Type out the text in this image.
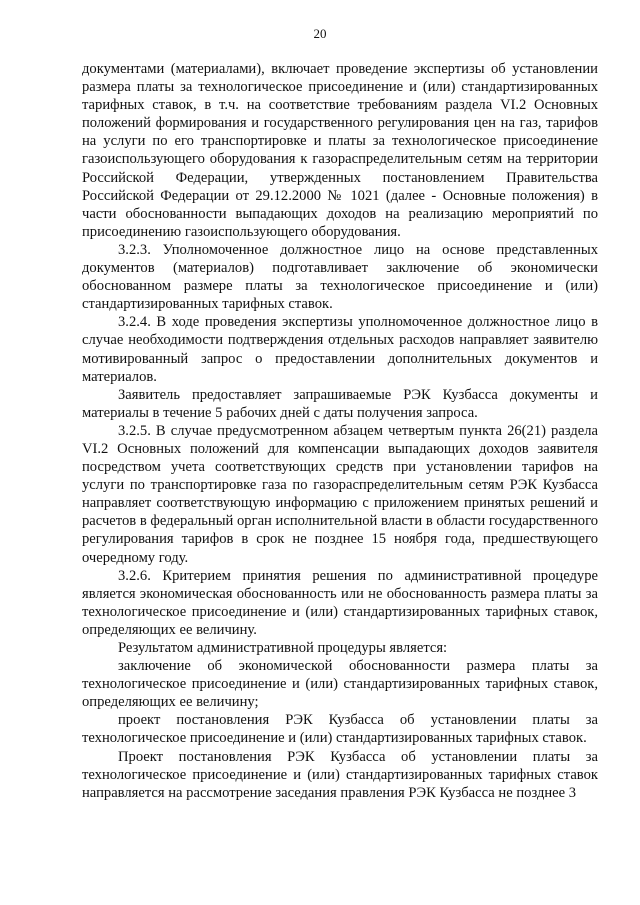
20

документами (материалами), включает проведение экспертизы об установлении размера платы за технологическое присоединение и (или) стандартизированных тарифных ставок, в т.ч. на соответствие требованиям раздела VI.2 Основных положений формирования и государственного регулирования цен на газ, тарифов на услуги по его транспортировке и платы за технологическое присоединение газоиспользующего оборудования к газораспределительным сетям на территории Российской Федерации, утвержденных постановлением Правительства Российской Федерации от 29.12.2000 № 1021 (далее - Основные положения) в части обоснованности выпадающих доходов на реализацию мероприятий по присоединению газоиспользующего оборудования.

3.2.3. Уполномоченное должностное лицо на основе представленных документов (материалов) подготавливает заключение об экономически обоснованном размере платы за технологическое присоединение и (или) стандартизированных тарифных ставок.

3.2.4. В ходе проведения экспертизы уполномоченное должностное лицо в случае необходимости подтверждения отдельных расходов направляет заявителю мотивированный запрос о предоставлении дополнительных документов и материалов.

Заявитель предоставляет запрашиваемые РЭК Кузбасса документы и материалы в течение 5 рабочих дней с даты получения запроса.

3.2.5. В случае предусмотренном абзацем четвертым пункта 26(21) раздела VI.2 Основных положений для компенсации выпадающих доходов заявителя посредством учета соответствующих средств при установлении тарифов на услуги по транспортировке газа по газораспределительным сетям РЭК Кузбасса направляет соответствующую информацию с приложением принятых решений и расчетов в федеральный орган исполнительной власти в области государственного регулирования тарифов в срок не позднее 15 ноября года, предшествующего очередному году.

3.2.6. Критерием принятия решения по административной процедуре является экономическая обоснованность или не обоснованность размера платы за технологическое присоединение и (или) стандартизированных тарифных ставок, определяющих ее величину.

Результатом административной процедуры является:

заключение об экономической обоснованности размера платы за технологическое присоединение и (или) стандартизированных тарифных ставок, определяющих ее величину;

проект постановления РЭК Кузбасса об установлении платы за технологическое присоединение и (или) стандартизированных тарифных ставок.

Проект постановления РЭК Кузбасса об установлении платы за технологическое присоединение и (или) стандартизированных тарифных ставок направляется на рассмотрение заседания правления РЭК Кузбасса не позднее 3
